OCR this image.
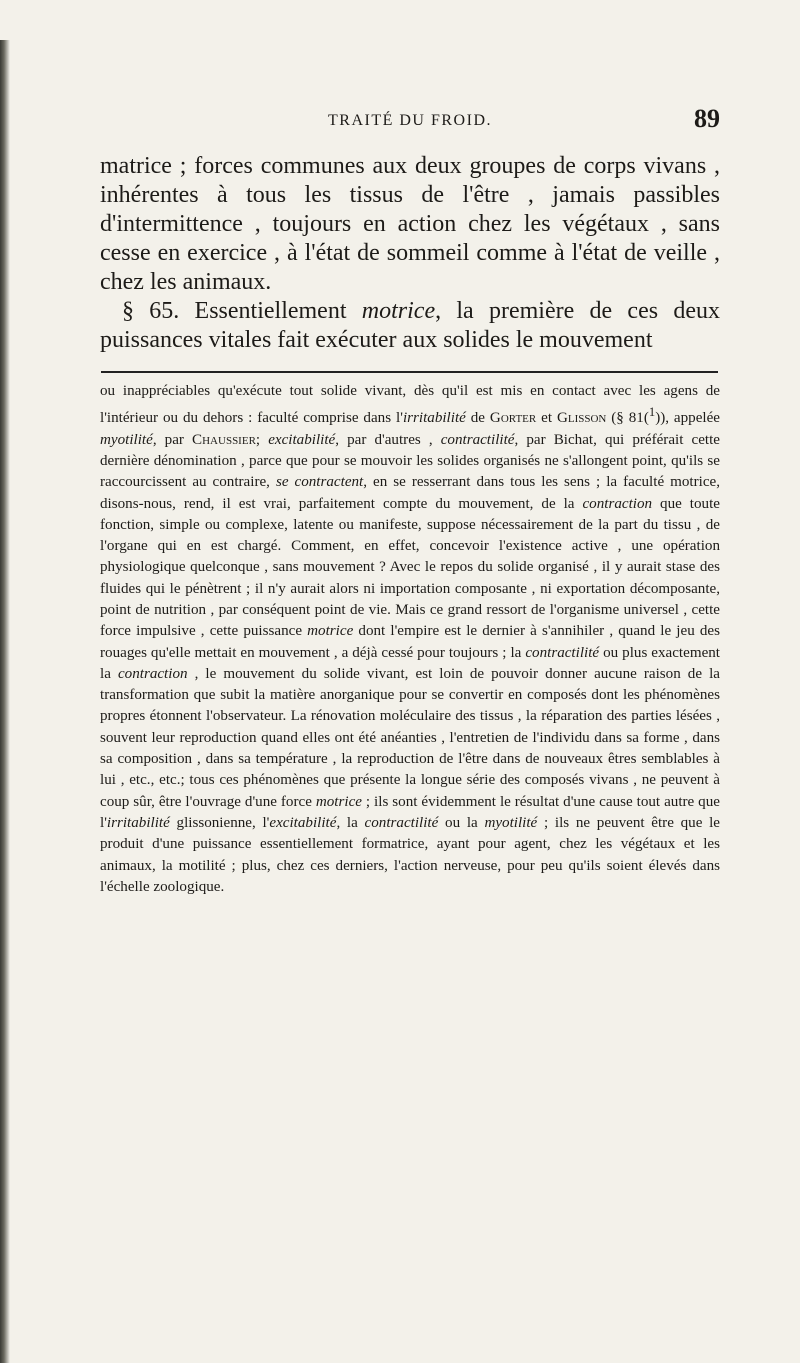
TRAITÉ DU FROID.	89

matrice ; forces communes aux deux groupes de corps vivans , inhérentes à tous les tissus de l'être , jamais passibles d'intermittence , toujours en action chez les végétaux , sans cesse en exercice , à l'état de sommeil comme à l'état de veille , chez les animaux.

§ 65. Essentiellement motrice, la première de ces deux puissances vitales fait exécuter aux solides le mouvement

ou inappréciables qu'exécute tout solide vivant, dès qu'il est mis en contact avec les agens de l'intérieur ou du dehors : faculté comprise dans l'irritabilité de Gorter et Glisson (§ 81($^1$)), appelée myotilité, par Chaussier; excitabilité, par d'autres , contractilité, par Bichat, qui préférait cette dernière dénomination , parce que pour se mouvoir les solides organisés ne s'allongent point, qu'ils se raccourcissent au contraire, se contractent, en se resserrant dans tous les sens ; la faculté motrice, disons-nous, rend, il est vrai, parfaitement compte du mouvement, de la contraction que toute fonction, simple ou complexe, latente ou manifeste, suppose nécessairement de la part du tissu , de l'organe qui en est chargé. Comment, en effet, concevoir l'existence active , une opération physiologique quelconque , sans mouvement ? Avec le repos du solide organisé , il y aurait stase des fluides qui le pénètrent ; il n'y aurait alors ni importation composante , ni exportation décomposante, point de nutrition , par conséquent point de vie. Mais ce grand ressort de l'organisme universel , cette force impulsive , cette puissance motrice dont l'empire est le dernier à s'annihiler , quand le jeu des rouages qu'elle mettait en mouvement , a déjà cessé pour toujours ; la contractilité ou plus exactement la contraction , le mouvement du solide vivant, est loin de pouvoir donner aucune raison de la transformation que subit la matière anorganique pour se convertir en composés dont les phénomènes propres étonnent l'observateur. La rénovation moléculaire des tissus , la réparation des parties lésées , souvent leur reproduction quand elles ont été anéanties , l'entretien de l'individu dans sa forme , dans sa composition , dans sa température , la reproduction de l'être dans de nouveaux êtres semblables à lui , etc., etc.; tous ces phénomènes que présente la longue série des composés vivans , ne peuvent à coup sûr, être l'ouvrage d'une force motrice ; ils sont évidemment le résultat d'une cause tout autre que l'irritabilité glissonienne, l'excitabilité, la contractilité ou la myotilité ; ils ne peuvent être que le produit d'une puissance essentiellement formatrice, ayant pour agent, chez les végétaux et les animaux, la motilité ; plus, chez ces derniers, l'action nerveuse, pour peu qu'ils soient élevés dans l'échelle zoologique.
